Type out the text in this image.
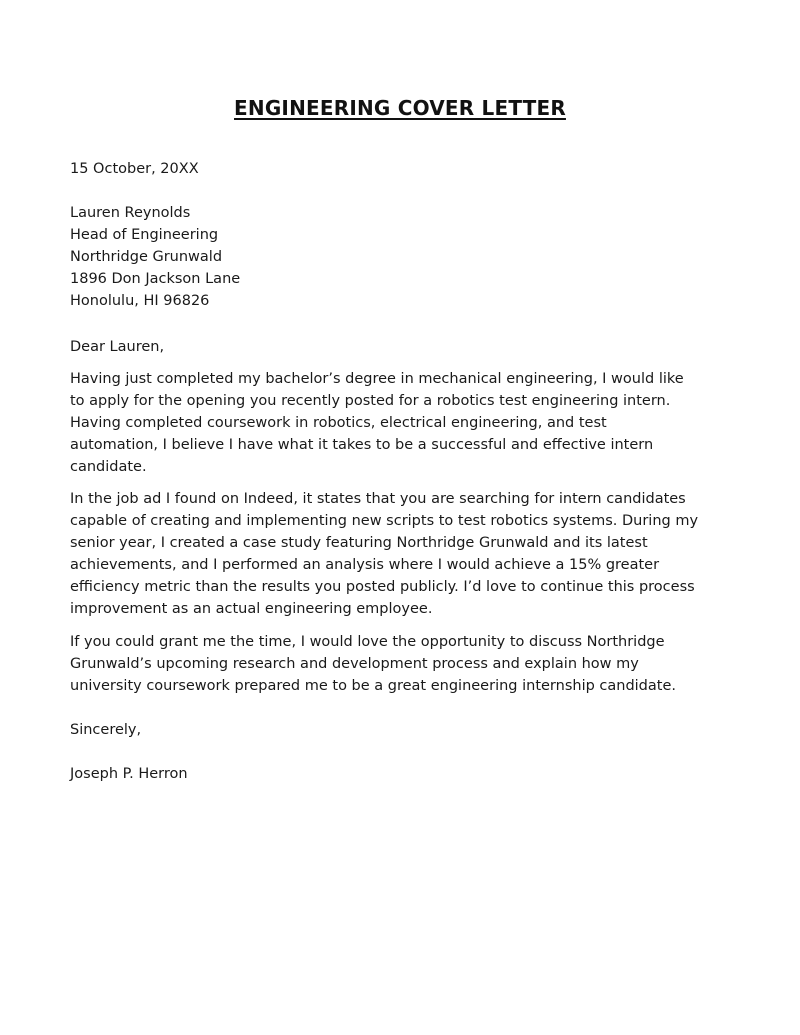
ENGINEERING COVER LETTER
15 October, 20XX
Lauren Reynolds
Head of Engineering
Northridge Grunwald
1896 Don Jackson Lane
Honolulu, HI 96826
Dear Lauren,
Having just completed my bachelor’s degree in mechanical engineering, I would like
to apply for the opening you recently posted for a robotics test engineering intern.
Having completed coursework in robotics, electrical engineering, and test
automation, I believe I have what it takes to be a successful and effective intern
candidate.
In the job ad I found on Indeed, it states that you are searching for intern candidates
capable of creating and implementing new scripts to test robotics systems. During my
senior year, I created a case study featuring Northridge Grunwald and its latest
achievements, and I performed an analysis where I would achieve a 15% greater
efficiency metric than the results you posted publicly. I’d love to continue this process
improvement as an actual engineering employee.
If you could grant me the time, I would love the opportunity to discuss Northridge
Grunwald’s upcoming research and development process and explain how my
university coursework prepared me to be a great engineering internship candidate.
Sincerely,
Joseph P. Herron
